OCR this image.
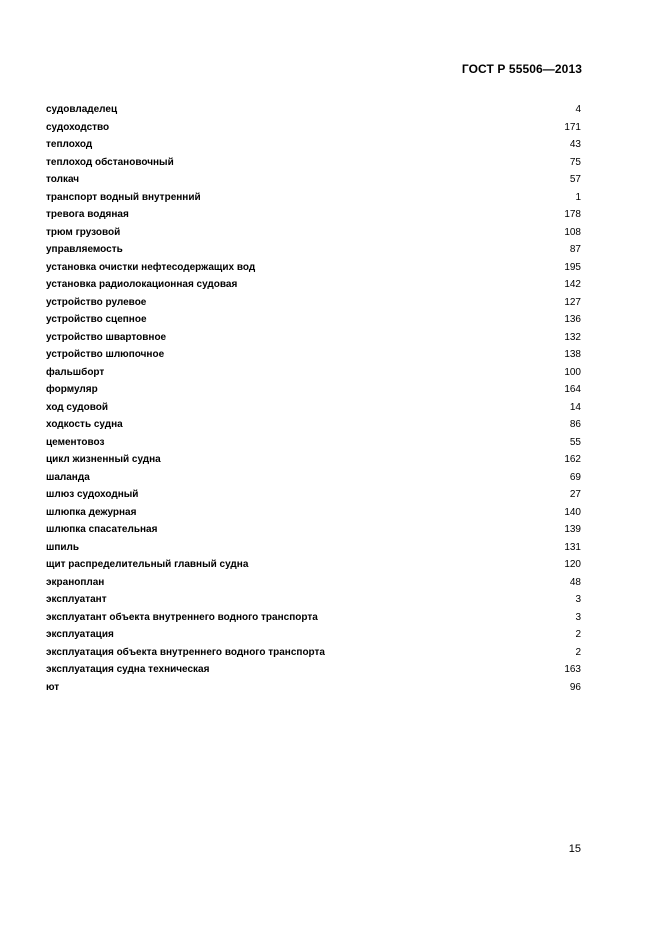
ГОСТ Р 55506—2013
судовладелец	4
судоходство	171
теплоход	43
теплоход обстановочный	75
толкач	57
транспорт водный внутренний	1
тревога водяная	178
трюм грузовой	108
управляемость	87
установка очистки нефтесодержащих вод	195
установка радиолокационная судовая	142
устройство рулевое	127
устройство сцепное	136
устройство швартовное	132
устройство шлюпочное	138
фальшборт	100
формуляр	164
ход судовой	14
ходкость судна	86
цементовоз	55
цикл жизненный судна	162
шаланда	69
шлюз судоходный	27
шлюпка дежурная	140
шлюпка спасательная	139
шпиль	131
щит распределительный главный судна	120
экраноплан	48
эксплуатант	3
эксплуатант объекта внутреннего водного транспорта	3
эксплуатация	2
эксплуатация объекта внутреннего водного транспорта	2
эксплуатация судна техническая	163
ют	96
15
